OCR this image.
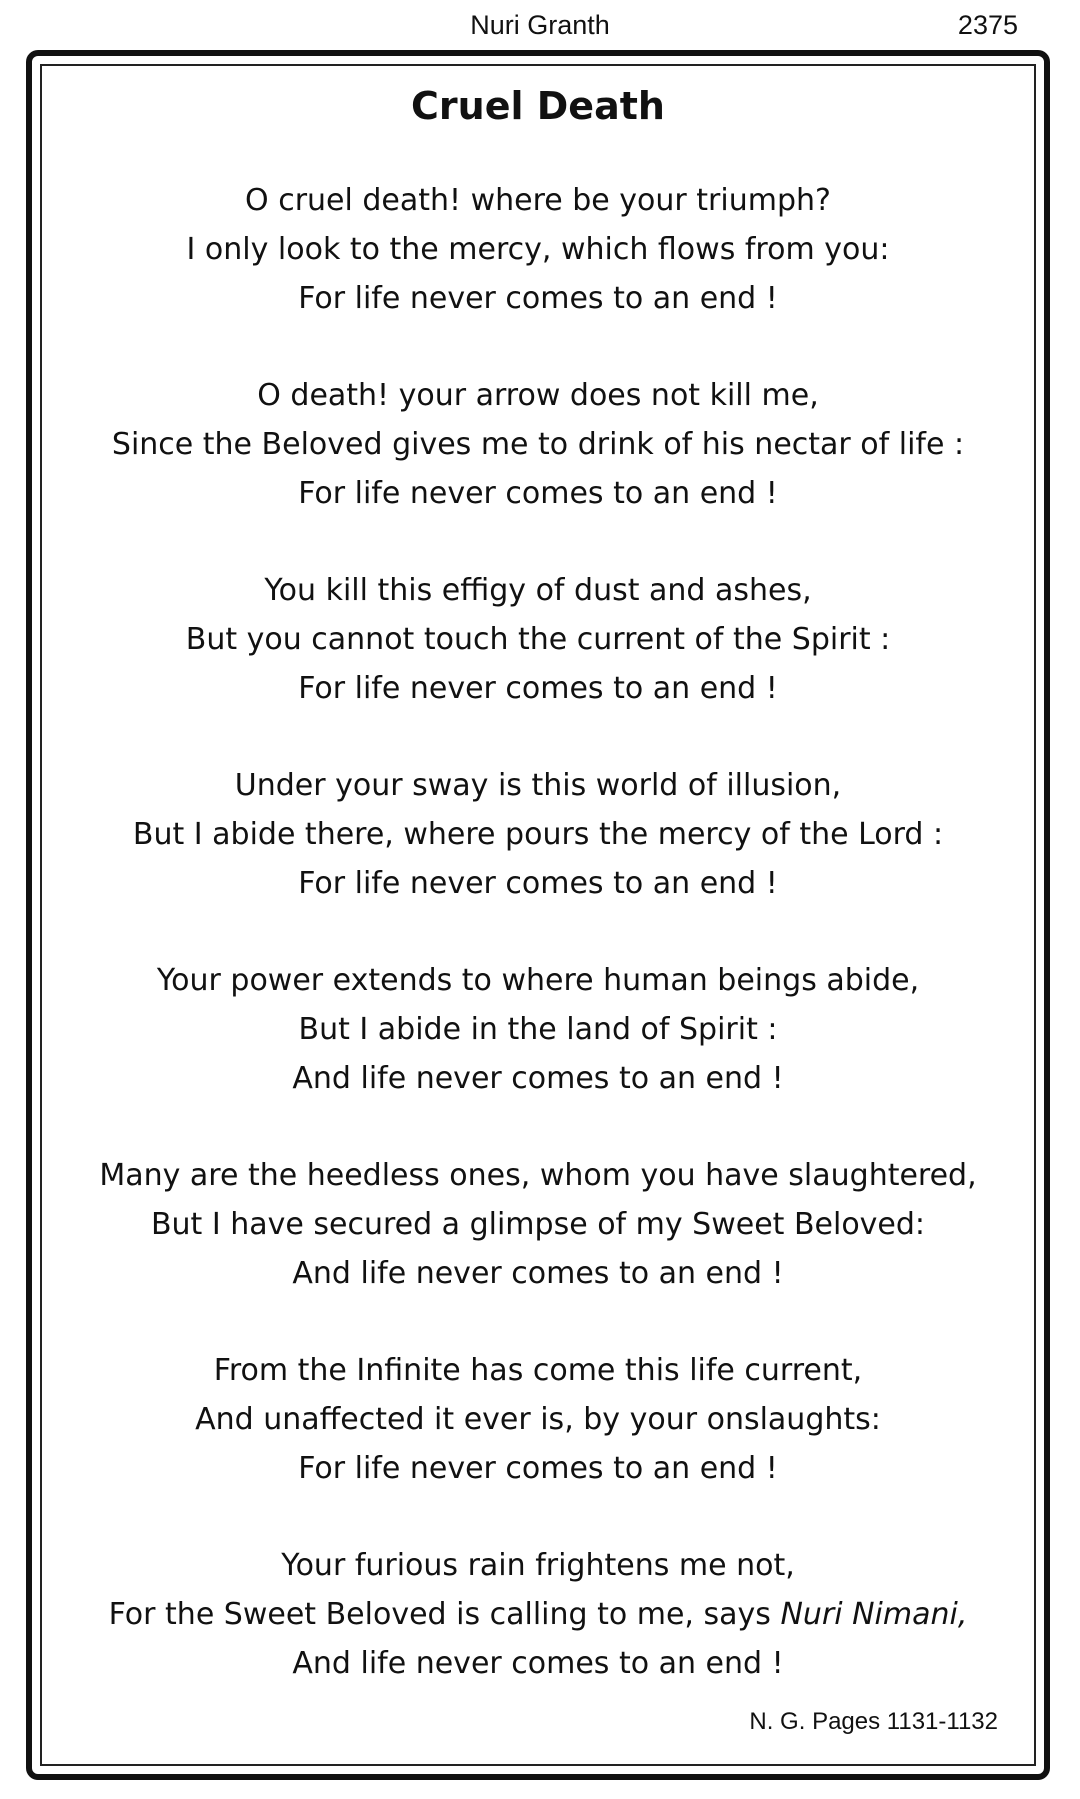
Nuri Granth	2375
Cruel Death
O cruel death! where be your triumph?
I only look to the mercy, which flows from you:
For life never comes to an end !
O death! your arrow does not kill me,
Since the Beloved gives me to drink of his nectar of life :
For life never comes to an end !
You kill this effigy of dust and ashes,
But you cannot touch the current of the Spirit :
For life never comes to an end !
Under your sway is this world of illusion,
But I abide there, where pours the mercy of the Lord :
For life never comes to an end !
Your power extends to where human beings abide,
But I abide in the land of Spirit :
And life never comes to an end !
Many are the heedless ones, whom you have slaughtered,
But I have secured a glimpse of my Sweet Beloved:
And life never comes to an end !
From the Infinite has come this life current,
And unaffected it ever is, by your onslaughts:
For life never comes to an end !
Your furious rain frightens me not,
For the Sweet Beloved is calling to me, says Nuri Nimani,
And life never comes to an end !
N. G. Pages 1131-1132
